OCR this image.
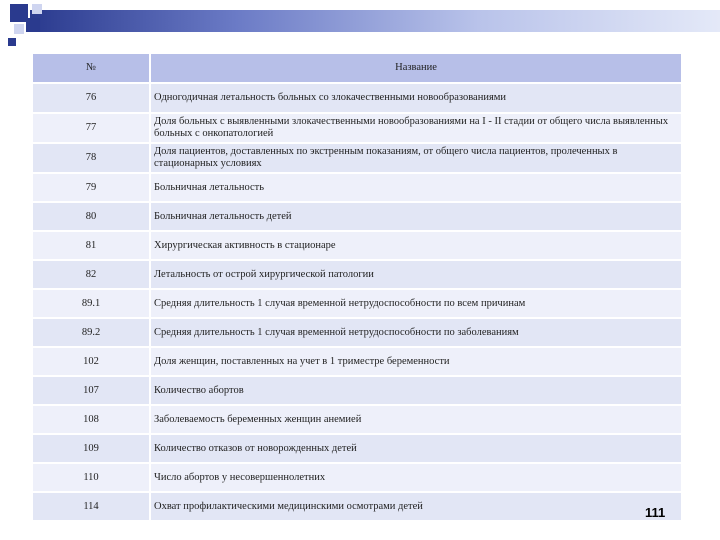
№	Название
76	Одногодичная летальность больных со злокачественными новообразованиями
77	Доля больных с выявленными злокачественными новообразованиями на I - II стадии от общего числа выявленных больных с онкопатологией
78	Доля пациентов, доставленных по экстренным показаниям, от общего числа пациентов, пролеченных в стационарных условиях
79	Больничная летальность
80	Больничная летальность детей
81	Хирургическая активность в стационаре
82	Летальность от острой хирургической патологии
89.1	Средняя длительность 1 случая временной нетрудоспособности по всем причинам
89.2	Средняя длительность 1 случая временной нетрудоспособности по заболеваниям
102	Доля женщин, поставленных на учет в 1 триместре беременности
107	Количество абортов
108	Заболеваемость беременных женщин анемией
109	Количество отказов от новорожденных детей
110	Число абортов у несовершеннолетних
114	Охват профилактическими медицинскими осмотрами детей	111
